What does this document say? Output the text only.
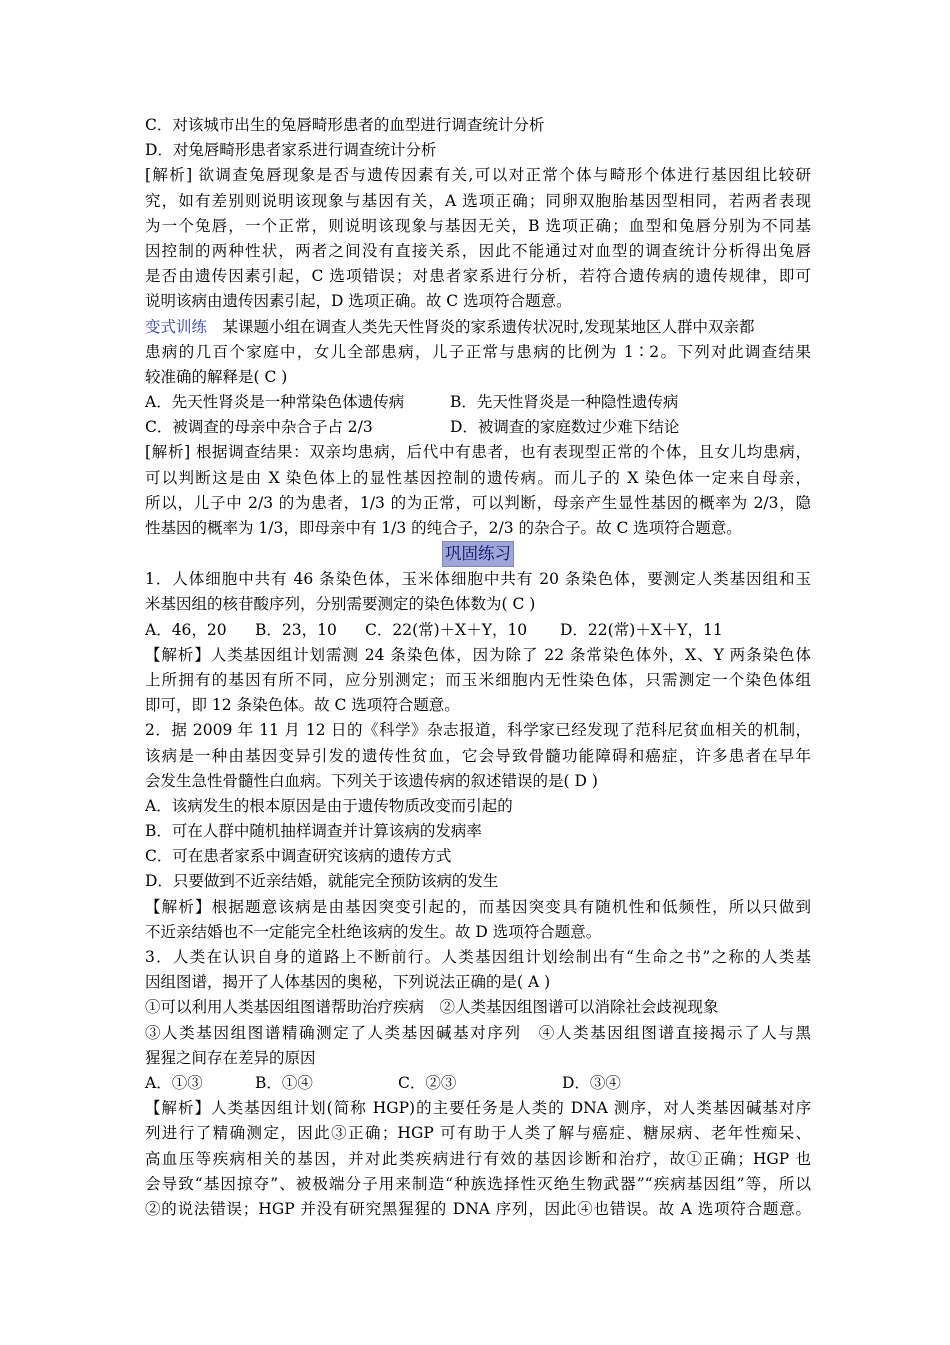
C．对该城市出生的兔唇畸形患者的血型进行调查统计分析
D．对兔唇畸形患者家系进行调查统计分析
[解析] 欲调查兔唇现象是否与遗传因素有关,可以对正常个体与畸形个体进行基因组比较研
究，如有差别则说明该现象与基因有关，A 选项正确；同卵双胞胎基因型相同，若两者表现
为一个兔唇，一个正常，则说明该现象与基因无关，B 选项正确；血型和兔唇分别为不同基
因控制的两种性状，两者之间没有直接关系，因此不能通过对血型的调查统计分析得出兔唇
是否由遗传因素引起，C 选项错误；对患者家系进行分析，若符合遗传病的遗传规律，即可
说明该病由遗传因素引起，D 选项正确。故 C 选项符合题意。
变式训练　 某课题小组在调查人类先天性肾炎的家系遗传状况时,发现某地区人群中双亲都
患病的几百个家庭中，女儿全部患病，儿子正常与患病的比例为 1∶2。下列对此调查结果
较准确的解释是( C )
A．先天性肾炎是一种常染色体遗传病	B．先天性肾炎是一种隐性遗传病
C．被调查的母亲中杂合子占 2/3	D．被调查的家庭数过少难下结论
[解析] 根据调查结果：双亲均患病，后代中有患者，也有表现型正常的个体，且女儿均患病，
可以判断这是由 X 染色体上的显性基因控制的遗传病。而儿子的 X 染色体一定来自母亲，
所以，儿子中 2/3 的为患者，1/3 的为正常，可以判断，母亲产生显性基因的概率为 2/3，隐
性基因的概率为 1/3，即母亲中有 1/3 的纯合子，2/3 的杂合子。故 C 选项符合题意。
巩固练习
1．人体细胞中共有 46 条染色体，玉米体细胞中共有 20 条染色体，要测定人类基因组和玉
米基因组的核苷酸序列，分别需要测定的染色体数为( C )
A．46，20 B．23，10 C．22(常)＋X＋Y，10 D．22(常)＋X＋Y，11
【解析】人类基因组计划需测 24 条染色体，因为除了 22 条常染色体外，X、Y 两条染色体
上所拥有的基因有所不同，应分别测定；而玉米细胞内无性染色体，只需测定一个染色体组
即可，即 12 条染色体。故 C 选项符合题意。
2．据 2009 年 11 月 12 日的《科学》杂志报道，科学家已经发现了范科尼贫血相关的机制，
该病是一种由基因变异引发的遗传性贫血，它会导致骨髓功能障碍和癌症，许多患者在早年
会发生急性骨髓性白血病。下列关于该遗传病的叙述错误的是( D )
A．该病发生的根本原因是由于遗传物质改变而引起的
B．可在人群中随机抽样调查并计算该病的发病率
C．可在患者家系中调查研究该病的遗传方式
D．只要做到不近亲结婚，就能完全预防该病的发生
【解析】根据题意该病是由基因突变引起的，而基因突变具有随机性和低频性，所以只做到
不近亲结婚也不一定能完全杜绝该病的发生。故 D 选项符合题意。
3．人类在认识自身的道路上不断前行。人类基因组计划绘制出有“生命之书”之称的人类基
因组图谱，揭开了人体基因的奥秘，下列说法正确的是( A )
①可以利用人类基因组图谱帮助治疗疾病　②人类基因组图谱可以消除社会歧视现象
③人类基因组图谱精确测定了人类基因碱基对序列　④人类基因组图谱直接揭示了人与黑
猩猩之间存在差异的原因
A．①③	B．①④	C．②③	D．③④
【解析】人类基因组计划(简称 HGP)的主要任务是人类的 DNA 测序，对人类基因碱基对序
列进行了精确测定，因此③正确；HGP 可有助于人类了解与癌症、糖尿病、老年性痴呆、
高血压等疾病相关的基因，并对此类疾病进行有效的基因诊断和治疗，故①正确；HGP 也
会导致“基因掠夺”、被极端分子用来制造“种族选择性灭绝生物武器”“疾病基因组”等，所以
②的说法错误；HGP 并没有研究黑猩猩的 DNA 序列，因此④也错误。故 A 选项符合题意。
